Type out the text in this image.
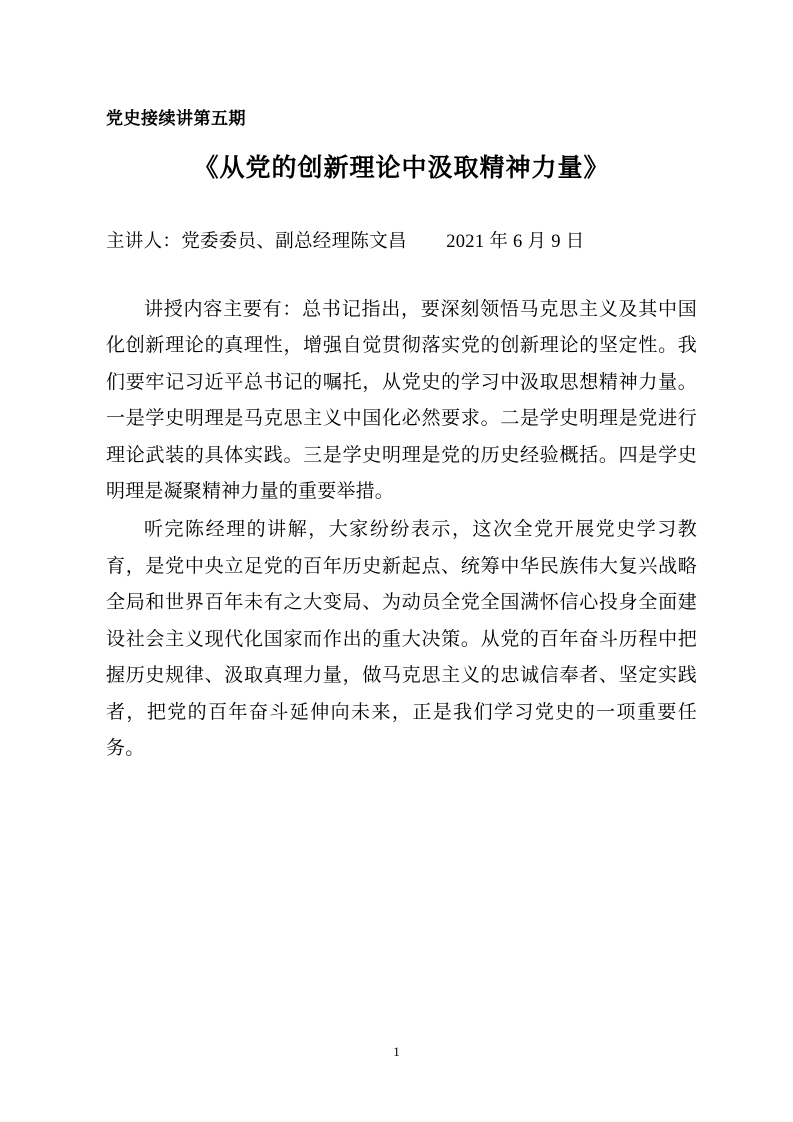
党史接续讲第五期

《从党的创新理论中汲取精神力量》

主讲人：党委委员、副总经理陈文昌        2021 年 6 月 9 日

讲授内容主要有：总书记指出，要深刻领悟马克思主义及其中国化创新理论的真理性，增强自觉贯彻落实党的创新理论的坚定性。我们要牢记习近平总书记的嘱托，从党史的学习中汲取思想精神力量。一是学史明理是马克思主义中国化必然要求。二是学史明理是党进行理论武装的具体实践。三是学史明理是党的历史经验概括。四是学史明理是凝聚精神力量的重要举措。

听完陈经理的讲解，大家纷纷表示，这次全党开展党史学习教育，是党中央立足党的百年历史新起点、统筹中华民族伟大复兴战略全局和世界百年未有之大变局、为动员全党全国满怀信心投身全面建设社会主义现代化国家而作出的重大决策。从党的百年奋斗历程中把握历史规律、汲取真理力量，做马克思主义的忠诚信奉者、坚定实践者，把党的百年奋斗延伸向未来，正是我们学习党史的一项重要任务。

1
